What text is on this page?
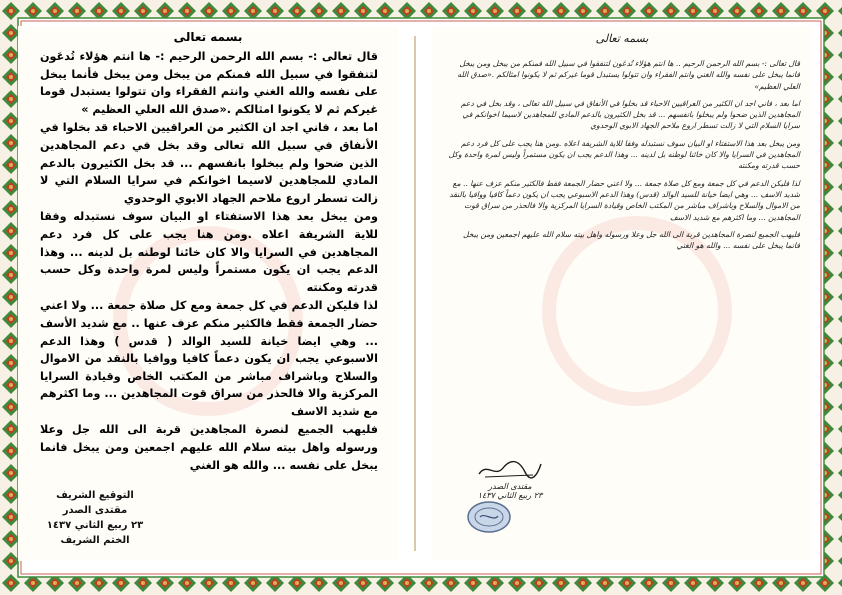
بسمه تعالى

قال تعالى :- بسم الله الرحمن الرحيم :- ها انتم هؤلاء تُدعَون لتنفقوا في سبيل الله فمنكم من يبخل ومن يبخل فأنما يبخل على نفسه والله الغني وانتم الفقراء وان تتولوا يستبدل قوما غيركم ثم لا يكونوا امثالكم .«صدق الله العلي العظيم »

اما بعد ، فاني اجد ان الكثير من العراقيين الاحباء قد بخلوا في الأنفاق في سبيل الله تعالى وقد بخل في دعم المجاهدين الذين ضحوا ولم يبخلوا بانفسهم ... قد بخل الكثيرون بالدعم المادي للمجاهدين لاسيما اخوانكم في سرايا السلام التي لا زالت تسطر اروع ملاحم الجهاد الابوي الوحدوي

ومن يبخل بعد هذا الاستفتاء او البيان سوف نستبدله وفقا للاية الشريفة اعلاه .ومن هنا يجب على كل فرد دعم المجاهدين في السرايا والا كان خائنا لوطنه بل لدينه ... وهذا الدعم يجب ان يكون مستمراً وليس لمرة واحدة وكل حسب قدرته ومكنته

لذا فليكن الدعم في كل جمعة ومع كل صلاة جمعة ... ولا اعني حضار الجمعة فقط فالكثير منكم عزف عنها .. مع شديد الأسف ... وهي ايضا خيانة للسيد الوالد ( قدس ) وهذا الدعم الاسبوعي يجب ان يكون دعماً كافيا ووافيا بالنقد من الاموال والسلاح وباشراف مباشر من المكتب الخاص وقيادة السرايا المركزية والا فالحذر من سراق قوت المجاهدين ... وما اكثرهم مع شديد الاسف

فليهب الجميع لنصرة المجاهدين قربة الى الله جل وعلا ورسوله واهل بيته سلام الله عليهم اجمعين ومن يبخل فانما يبخل على نفسه ... والله هو الغني

التوقيع الشريف
مقتدى الصدر
٢٣ ربيع الثاني ١٤٣٧
الختم الشريف
بسمه تعالى

قال تعالى :- بسم الله الرحمن الرحيم .. ها انتم هؤلاء تُدعَون لتنفقوا في سبيل الله فمنكم من يبخل ومن يبخل فانما يبخل على نفسه والله الغني وانتم الفقراء وان تتولوا يستبدل قوما غيركم ثم لا يكونوا امثالكم .«صدق الله العلي العظيم»

اما بعد ، فاني اجد ان الكثير من العراقيين الاحباء قد بخلوا في الأنفاق في سبيل الله تعالى ، وقد بخل في دعم المجاهدين الذين ضحوا ولم يبخلوا بانفسهم ... قد بخل الكثيرون بالدعم المادي للمجاهدين لاسيما اخوانكم في سرايا السلام التي لا زالت تسطر اروع ملاحم الجهاد الابوي الوحدوي

ومن يبخل بعد هذا الاستفتاء او البيان سوف نستبدله وفقا للاية الشريفة اعلاه .ومن هنا يجب على كل فرد دعم المجاهدين في السرايا والا كان خائنا لوطنه بل لدينه ... وهذا الدعم يجب ان يكون مستمراً وليس لمرة واحدة وكل حسب قدرته ومكنته

لذا فليكن الدعم في كل جمعة ومع كل صلاة جمعة ... ولا اعني حضار الجمعة فقط فالكثير منكم عزف عنها .. مع شديد الاسف ... وهي ايضا خيانة للسيد الوالد (قدس) وهذا الدعم الاسبوعي يجب ان يكون دعماً كافيا ووافيا بالنقد من الاموال والسلاح وباشراف مباشر من المكتب الخاص وقيادة السرايا المركزية والا فالحذر من سراق قوت المجاهدين ... وما اكثرهم مع شديد الاسف

فليهب الجميع لنصرة المجاهدين قربة الى الله جل وعلا ورسوله واهل بيته سلام الله عليهم اجمعين ومن يبخل فانما يبخل على نفسه ... والله هو الغني

مقتدى الصدر
٢٣ ربيع الثاني ١٤٣٧
